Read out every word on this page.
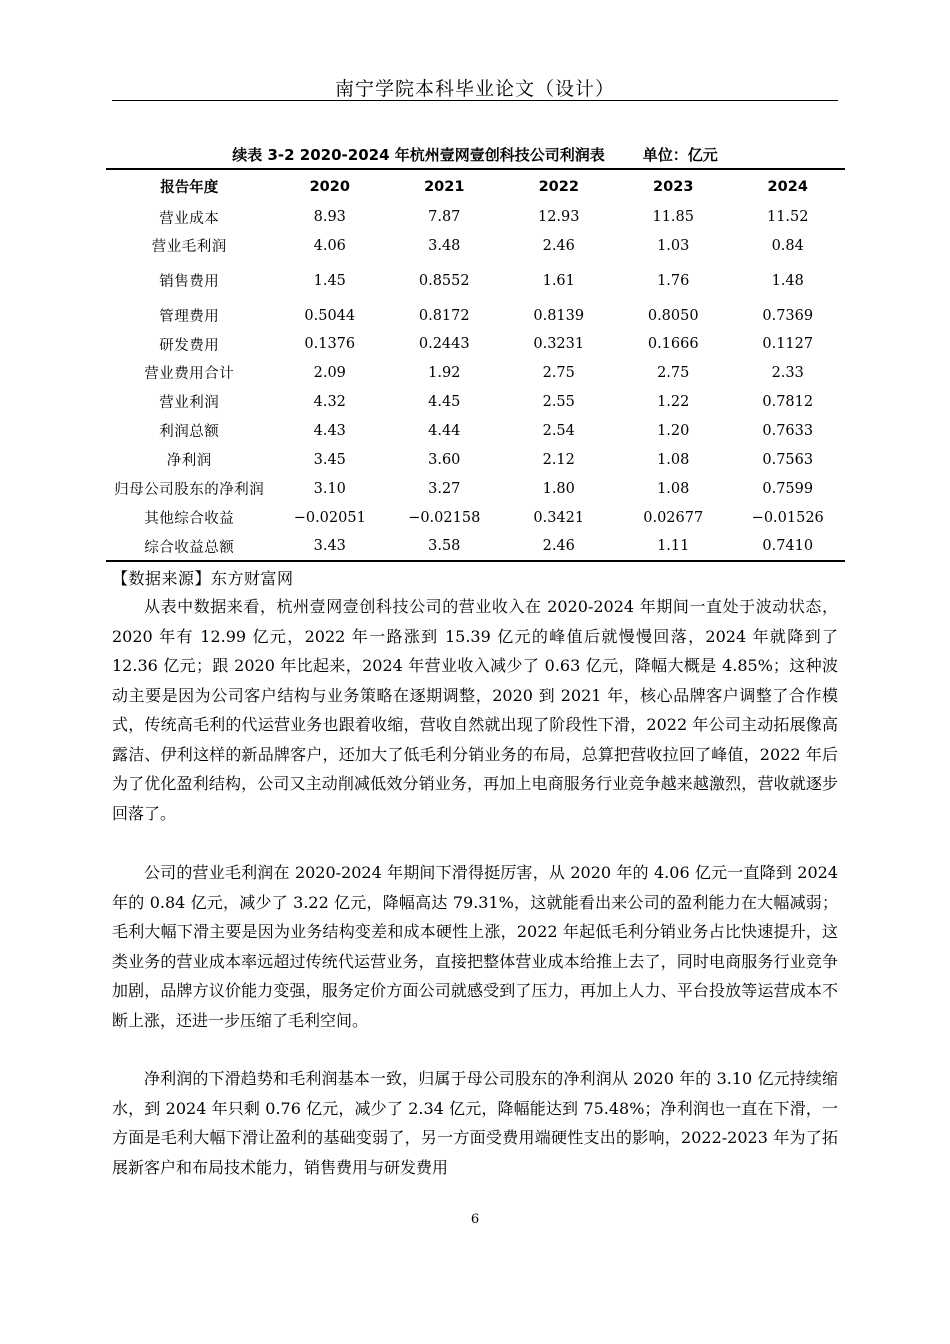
南宁学院本科毕业论文（设计）
续表 3-2 2020-2024 年杭州壹网壹创科技公司利润表	单位：亿元
报告年度	2020	2021	2022	2023	2024
营业成本	8.93	7.87	12.93	11.85	11.52
营业毛利润	4.06	3.48	2.46	1.03	0.84
销售费用	1.45	0.8552	1.61	1.76	1.48
管理费用	0.5044	0.8172	0.8139	0.8050	0.7369
研发费用	0.1376	0.2443	0.3231	0.1666	0.1127
营业费用合计	2.09	1.92	2.75	2.75	2.33
营业利润	4.32	4.45	2.55	1.22	0.7812
利润总额	4.43	4.44	2.54	1.20	0.7633
净利润	3.45	3.60	2.12	1.08	0.7563
归母公司股东的净利润	3.10	3.27	1.80	1.08	0.7599
其他综合收益	−0.02051	−0.02158	0.3421	0.02677	−0.01526
综合收益总额	3.43	3.58	2.46	1.11	0.7410
【数据来源】东方财富网

从表中数据来看，杭州壹网壹创科技公司的营业收入在 2020-2024 年期间一直处于波动状态，2020 年有 12.99 亿元，2022 年一路涨到 15.39 亿元的峰值后就慢慢回落，2024 年就降到了 12.36 亿元；跟 2020 年比起来，2024 年营业收入减少了 0.63 亿元，降幅大概是 4.85%；这种波动主要是因为公司客户结构与业务策略在逐期调整，2020 到 2021 年，核心品牌客户调整了合作模式，传统高毛利的代运营业务也跟着收缩，营收自然就出现了阶段性下滑，2022 年公司主动拓展像高露洁、伊利这样的新品牌客户，还加大了低毛利分销业务的布局，总算把营收拉回了峰值，2022 年后为了优化盈利结构，公司又主动削减低效分销业务，再加上电商服务行业竞争越来越激烈，营收就逐步回落了。

公司的营业毛利润在 2020-2024 年期间下滑得挺厉害，从 2020 年的 4.06 亿元一直降到 2024 年的 0.84 亿元，减少了 3.22 亿元，降幅高达 79.31%，这就能看出来公司的盈利能力在大幅减弱；毛利大幅下滑主要是因为业务结构变差和成本硬性上涨，2022 年起低毛利分销业务占比快速提升，这类业务的营业成本率远超过传统代运营业务，直接把整体营业成本给推上去了，同时电商服务行业竞争加剧，品牌方议价能力变强，服务定价方面公司就感受到了压力，再加上人力、平台投放等运营成本不断上涨，还进一步压缩了毛利空间。

净利润的下滑趋势和毛利润基本一致，归属于母公司股东的净利润从 2020 年的 3.10 亿元持续缩水，到 2024 年只剩 0.76 亿元，减少了 2.34 亿元，降幅能达到 75.48%；净利润也一直在下滑，一方面是毛利大幅下滑让盈利的基础变弱了，另一方面受费用端硬性支出的影响，2022-2023 年为了拓展新客户和布局技术能力，销售费用与研发费用

6
